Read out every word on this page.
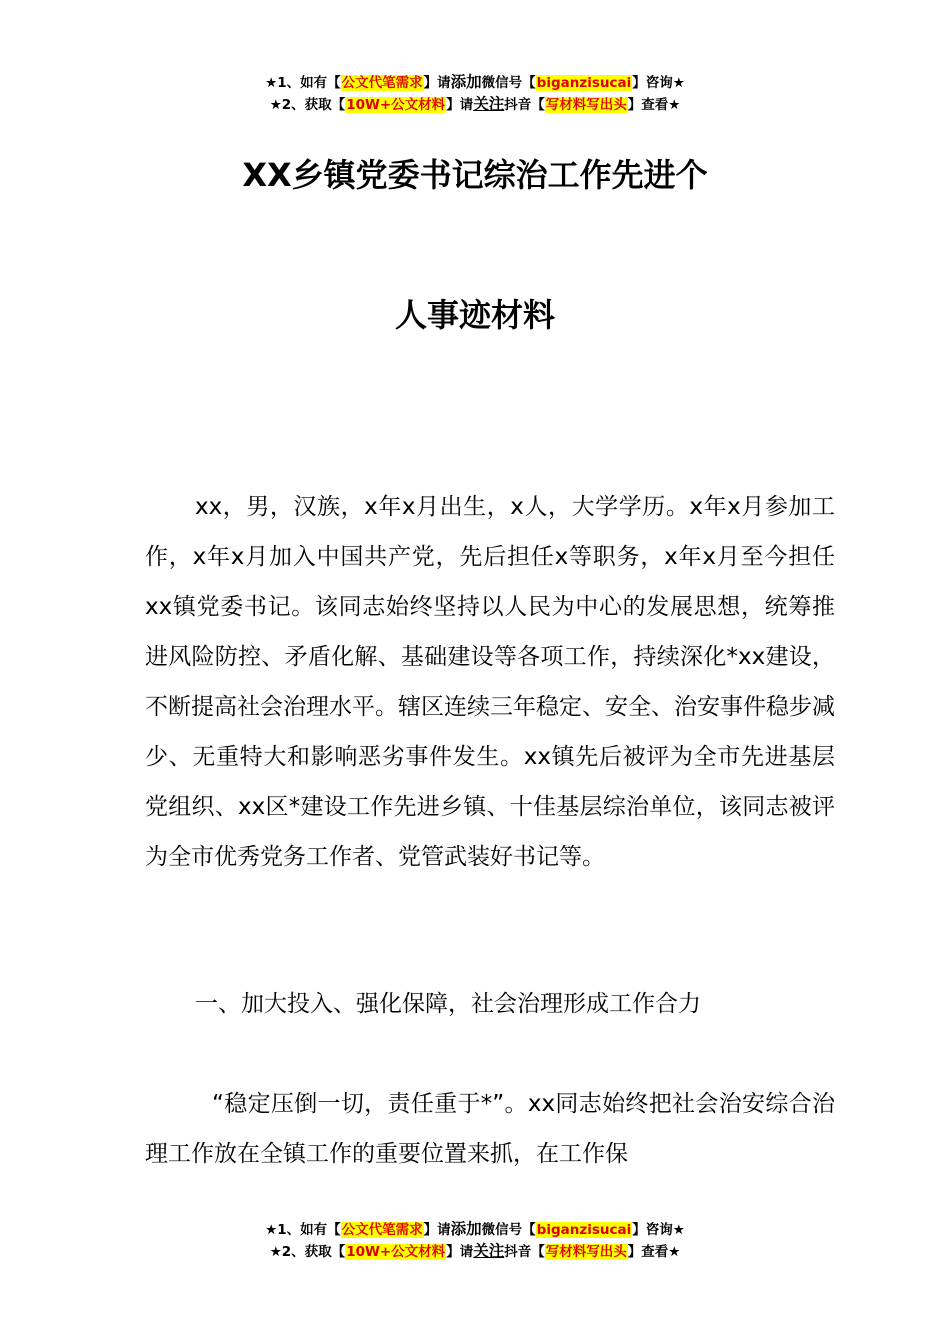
★1、如有【公文代笔需求】请添加微信号【biganzisucai】咨询★
★2、获取【10W+公文材料】请关注抖音【写材料写出头】查看★
XX乡镇党委书记综治工作先进个
人事迹材料
xx，男，汉族，x年x月出生，x人，大学学历。x年x月参加工作，x年x月加入中国共产党，先后担任x等职务，x年x月至今担任xx镇党委书记。该同志始终坚持以人民为中心的发展思想，统筹推进风险防控、矛盾化解、基础建设等各项工作，持续深化*xx建设，不断提高社会治理水平。辖区连续三年稳定、安全、治安事件稳步减少、无重特大和影响恶劣事件发生。xx镇先后被评为全市先进基层党组织、xx区*建设工作先进乡镇、十佳基层综治单位，该同志被评为全市优秀党务工作者、党管武装好书记等。
一、加大投入、强化保障，社会治理形成工作合力
“稳定压倒一切，责任重于*”。xx同志始终把社会治安综合治理工作放在全镇工作的重要位置来抓，在工作保
★1、如有【公文代笔需求】请添加微信号【biganzisucai】咨询★
★2、获取【10W+公文材料】请关注抖音【写材料写出头】查看★
